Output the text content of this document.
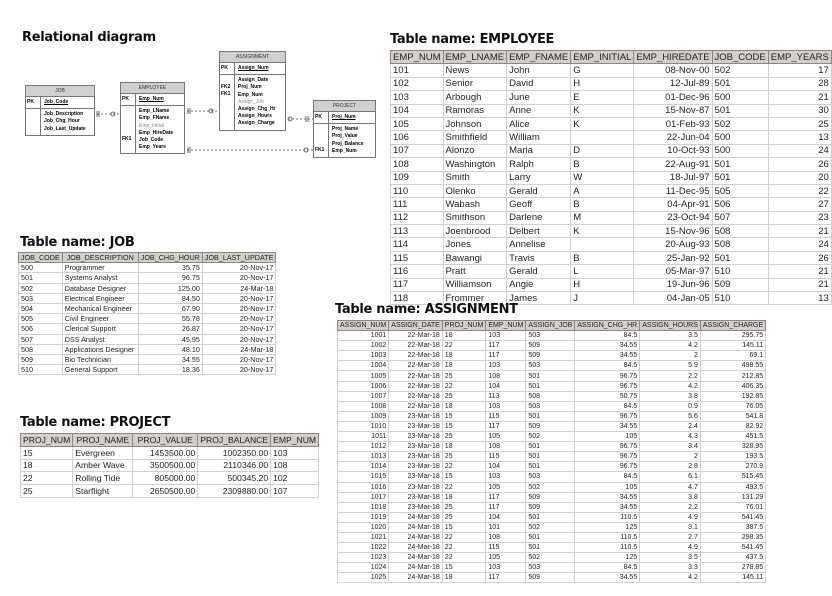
Relational diagram
JOB
PK	Job_Code
Job_Description
Job_Chg_Hour
Job_Last_Update
EMPLOYEE
PK	Emp_Num
FK1
Emp_LName
Emp_FName
Emp_Initial
Emp_HireDate
Job_Code
Emp_Years
ASSIGNMENT
PK	Assign_Num
FK2
FK1
Assign_Date
Proj_Num
Emp_Num
Assign_Job
Assign_Chg_Hr
Assign_Hours
Assign_Charge
PROJECT
PK	Proj_Num
FK1
Proj_Name
Proj_Value
Proj_Balance
Emp_Num
Table name: EMPLOYEE
EMP_NUM	EMP_LNAME	EMP_FNAME	EMP_INITIAL	EMP_HIREDATE	JOB_CODE	EMP_YEARS
101	News	John	G	08-Nov-00	502	17
102	Senior	David	H	12-Jul-89	501	28
103	Arbough	June	E	01-Dec-96	500	21
104	Ramoras	Anne	K	15-Nov-87	501	30
105	Johnson	Alice	K	01-Feb-93	502	25
106	Smithfield	William		22-Jun-04	500	13
107	Alonzo	Maria	D	10-Oct-93	500	24
108	Washington	Ralph	B	22-Aug-91	501	26
109	Smith	Larry	W	18-Jul-97	501	20
110	Olenko	Gerald	A	11-Dec-95	505	22
111	Wabash	Geoff	B	04-Apr-91	506	27
112	Smithson	Darlene	M	23-Oct-94	507	23
113	Joenbrood	Delbert	K	15-Nov-96	508	21
114	Jones	Annelise		20-Aug-93	508	24
115	Bawangi	Travis	B	25-Jan-92	501	26
116	Pratt	Gerald	L	05-Mar-97	510	21
117	Williamson	Angie	H	19-Jun-96	509	21
118	Frommer	James	J	04-Jan-05	510	13
Table name: JOB
JOB_CODE	JOB_DESCRIPTION	JOB_CHG_HOUR	JOB_LAST_UPDATE
500	Programmer	35.75	20-Nov-17
501	Systems Analyst	96.75	20-Nov-17
502	Database Designer	125.00	24-Mar-18
503	Electrical Engineer	84.50	20-Nov-17
504	Mechanical Engineer	67.90	20-Nov-17
505	Civil Engineer	55.78	20-Nov-17
506	Clerical Support	26.87	20-Nov-17
507	DSS Analyst	45.95	20-Nov-17
508	Applications Designer	48.10	24-Mar-18
509	Bio Technician	34.55	20-Nov-17
510	General Support	18.36	20-Nov-17
Table name: PROJECT
PROJ_NUM	PROJ_NAME	PROJ_VALUE	PROJ_BALANCE	EMP_NUM
15	Evergreen	1453500.00	1002350.00	103
18	Amber Wave	3500500.00	2110346.00	108
22	Rolling Tide	805000.00	500345.20	102
25	Starflight	2650500.00	2309880.00	107
Table name: ASSIGNMENT
ASSIGN_NUM	ASSIGN_DATE	PROJ_NUM	EMP_NUM	ASSIGN_JOB	ASSIGN_CHG_HR	ASSIGN_HOURS	ASSIGN_CHARGE
1001	22-Mar-18	18	103	503	84.5	3.5	295.75
1002	22-Mar-18	22	117	509	34.55	4.2	145.11
1003	22-Mar-18	18	117	509	34.55	2	69.1
1004	22-Mar-18	18	103	503	84.5	5.9	498.55
1005	22-Mar-18	25	108	501	96.75	2.2	212.85
1006	22-Mar-18	22	104	501	96.75	4.2	406.35
1007	22-Mar-18	25	113	508	50.75	3.8	192.85
1008	22-Mar-18	18	103	503	84.5	0.9	76.05
1009	23-Mar-18	15	115	501	96.75	5.6	541.8
1010	23-Mar-18	15	117	509	34.55	2.4	82.92
1011	23-Mar-18	25	105	502	105	4.3	451.5
1012	23-Mar-18	18	108	501	96.75	3.4	328.95
1013	23-Mar-18	25	115	501	96.75	2	193.5
1014	23-Mar-18	22	104	501	96.75	2.8	270.9
1015	23-Mar-18	15	103	503	84.5	6.1	515.45
1016	23-Mar-18	22	105	502	105	4.7	493.5
1017	23-Mar-18	18	117	509	34.55	3.8	131.29
1018	23-Mar-18	25	117	509	34.55	2.2	76.01
1019	24-Mar-18	25	104	501	110.5	4.9	541.45
1020	24-Mar-18	15	101	502	125	3.1	387.5
1021	24-Mar-18	22	108	501	110.5	2.7	298.35
1022	24-Mar-18	22	115	501	110.5	4.9	541.45
1023	24-Mar-18	22	105	502	125	3.5	437.5
1024	24-Mar-18	15	103	503	84.5	3.3	278.85
1025	24-Mar-18	18	117	509	34.55	4.2	145.11
